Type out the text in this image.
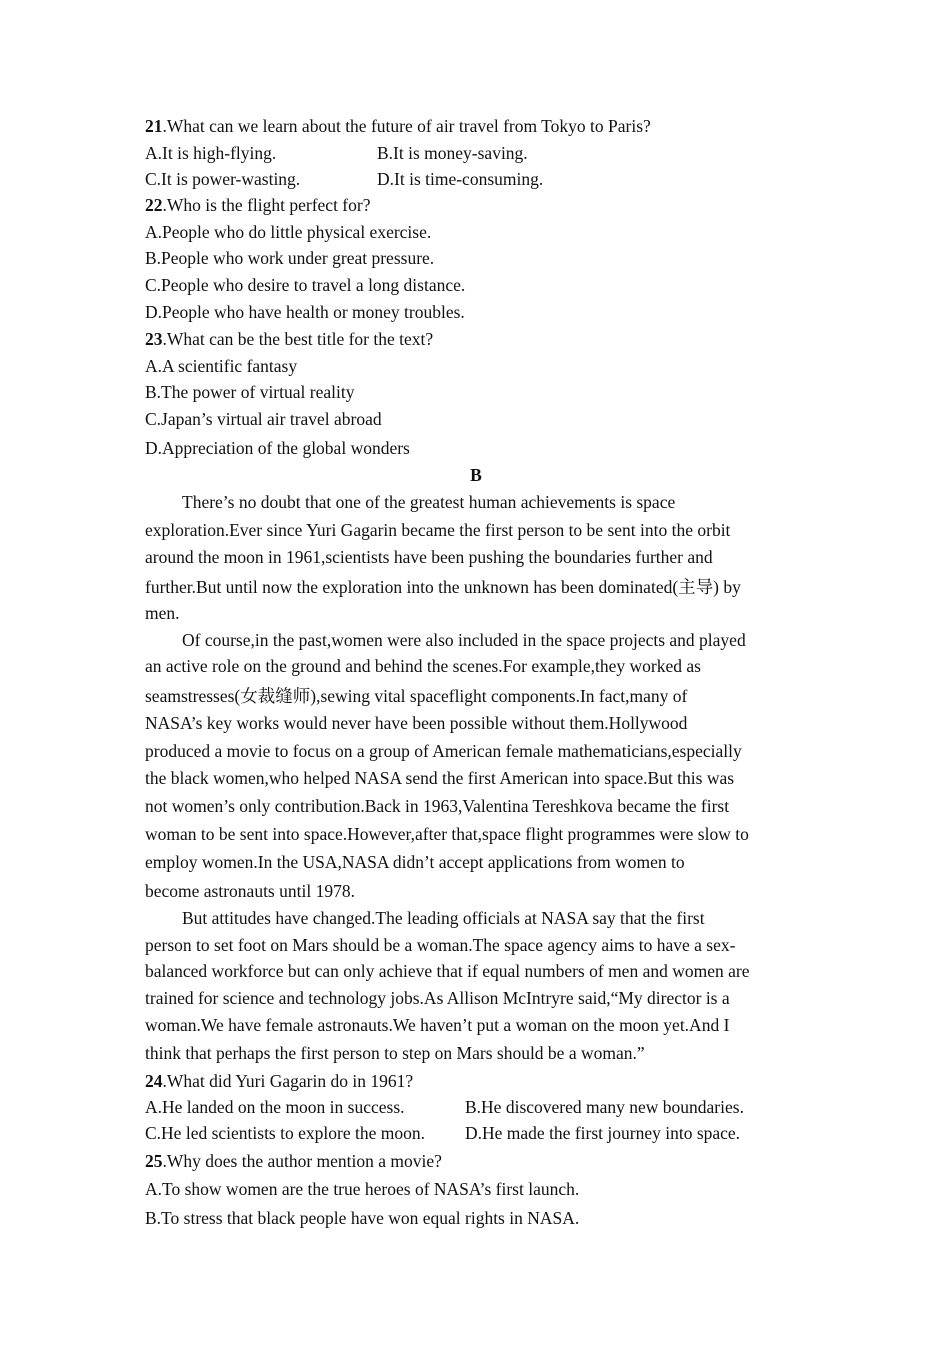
21.What can we learn about the future of air travel from Tokyo to Paris?
A.It is high-flying.	B.It is money-saving.
C.It is power-wasting.	D.It is time-consuming.
22.Who is the flight perfect for?
A.People who do little physical exercise.
B.People who work under great pressure.
C.People who desire to travel a long distance.
D.People who have health or money troubles.
23.What can be the best title for the text?
A.A scientific fantasy
B.The power of virtual reality
C.Japan’s virtual air travel abroad
D.Appreciation of the global wonders
B
There’s no doubt that one of the greatest human achievements is space
exploration.Ever since Yuri Gagarin became the first person to be sent into the orbit
around the moon in 1961,scientists have been pushing the boundaries further and
further.But until now the exploration into the unknown has been dominated(主导) by
men.
Of course,in the past,women were also included in the space projects and played
an active role on the ground and behind the scenes.For example,they worked as
seamstresses(女裁缝师),sewing vital spaceflight components.In fact,many of
NASA’s key works would never have been possible without them.Hollywood
produced a movie to focus on a group of American female mathematicians,especially
the black women,who helped NASA send the first American into space.But this was
not women’s only contribution.Back in 1963,Valentina Tereshkova became the first
woman to be sent into space.However,after that,space flight programmes were slow to
employ women.In the USA,NASA didn’t accept applications from women to
become astronauts until 1978.
But attitudes have changed.The leading officials at NASA say that the first
person to set foot on Mars should be a woman.The space agency aims to have a sex-
balanced workforce but can only achieve that if equal numbers of men and women are
trained for science and technology jobs.As Allison McIntryre said,“My director is a
woman.We have female astronauts.We haven’t put a woman on the moon yet.And I
think that perhaps the first person to step on Mars should be a woman.”
24.What did Yuri Gagarin do in 1961?
A.He landed on the moon in success.	B.He discovered many new boundaries.
C.He led scientists to explore the moon. D.He made the first journey into space.
25.Why does the author mention a movie?
A.To show women are the true heroes of NASA’s first launch.
B.To stress that black people have won equal rights in NASA.
